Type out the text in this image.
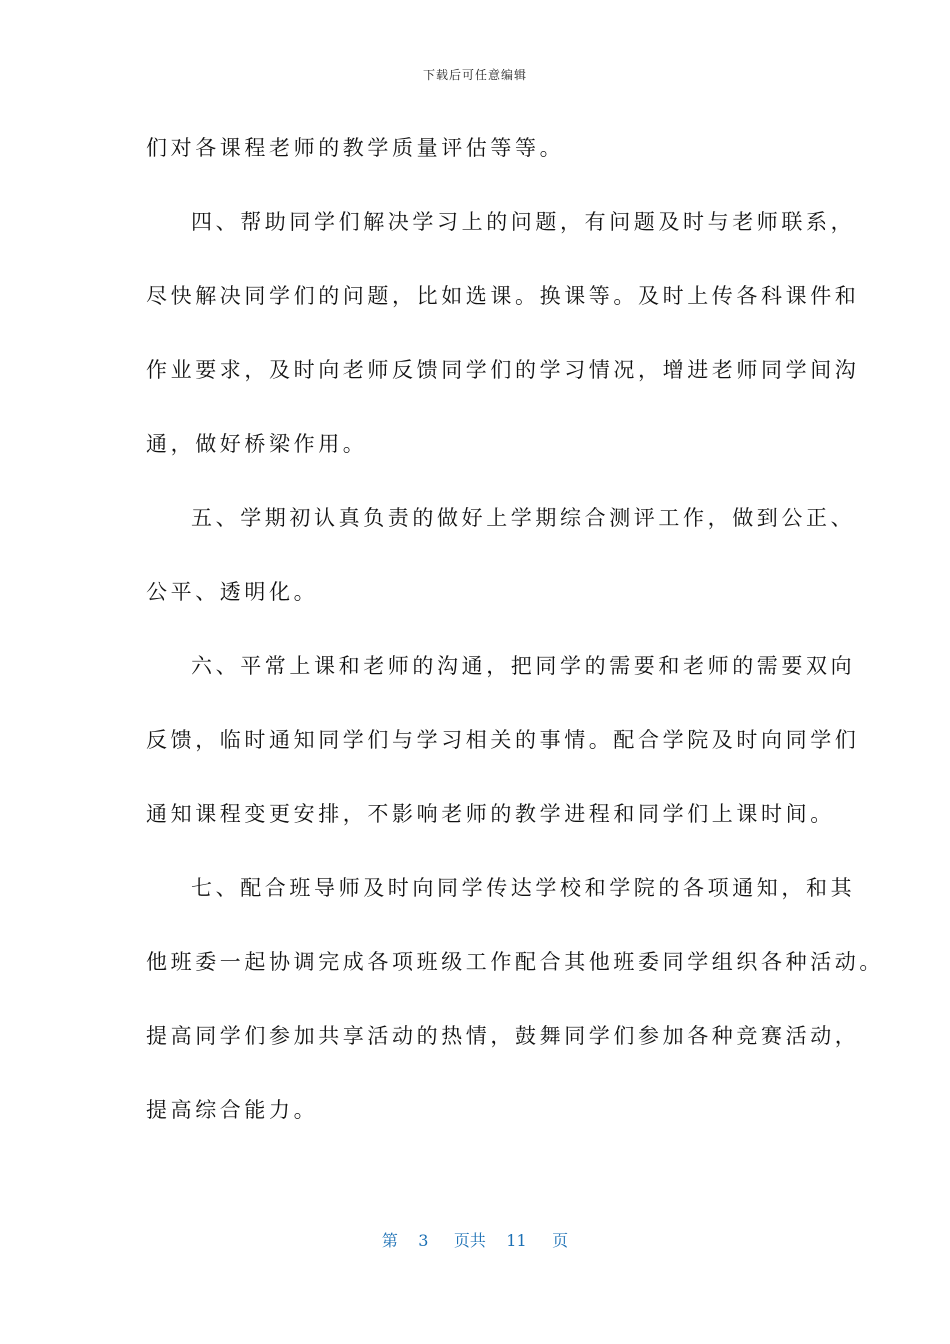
下载后可任意编辑
们对各课程老师的教学质量评估等等。
四、帮助同学们解决学习上的问题，有问题及时与老师联系，
尽快解决同学们的问题，比如选课。换课等。及时上传各科课件和
作业要求，及时向老师反馈同学们的学习情况，增进老师同学间沟
通，做好桥梁作用。
五、学期初认真负责的做好上学期综合测评工作，做到公正、
公平、透明化。
六、平常上课和老师的沟通，把同学的需要和老师的需要双向
反馈，临时通知同学们与学习相关的事情。配合学院及时向同学们
通知课程变更安排，不影响老师的教学进程和同学们上课时间。
七、配合班导师及时向同学传达学校和学院的各项通知，和其
他班委一起协调完成各项班级工作配合其他班委同学组织各种活动。
提高同学们参加共享活动的热情，鼓舞同学们参加各种竞赛活动，
提高综合能力。
第 3 页共 11 页
